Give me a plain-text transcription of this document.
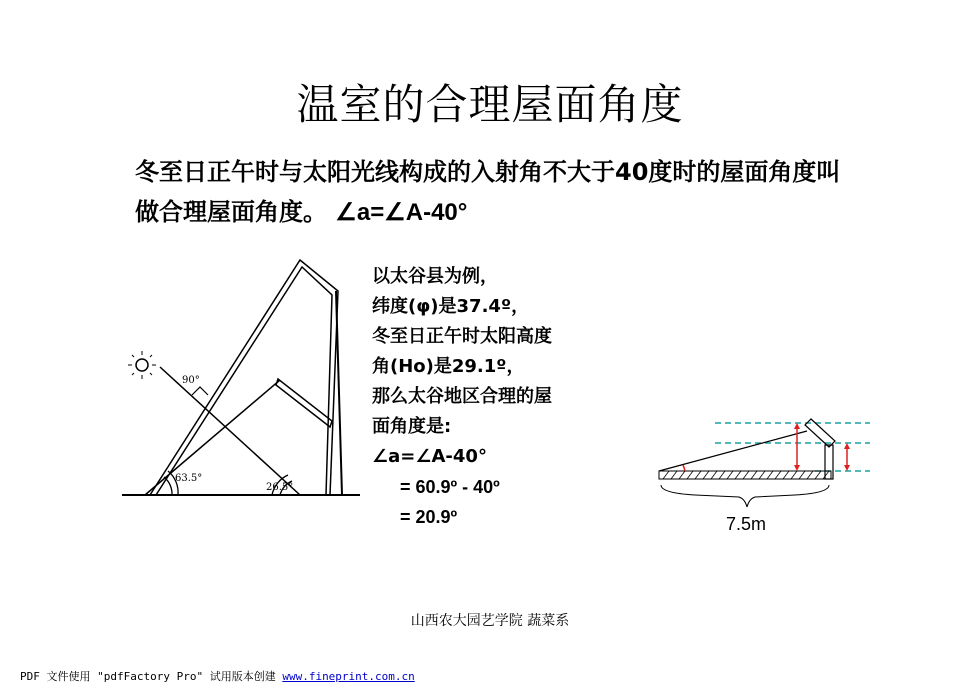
温室的合理屋面角度
冬至日正午时与太阳光线构成的入射角不大于40度时的屋面角度叫做合理屋面角度。 ∠a=∠A-40°
90°
63.5°
26.5°
以太谷县为例，
纬度(φ)是37.4º，
冬至日正午时太阳高度
角(Ho)是29.1º，
那么太谷地区合理的屋
面角度是:
∠a=∠A-40°
= 60.9º - 40º
= 20.9º	7.5m
山西农大园艺学院 蔬菜系
PDF 文件使用 "pdfFactory Pro" 试用版本创建 www.fineprint.com.cn
